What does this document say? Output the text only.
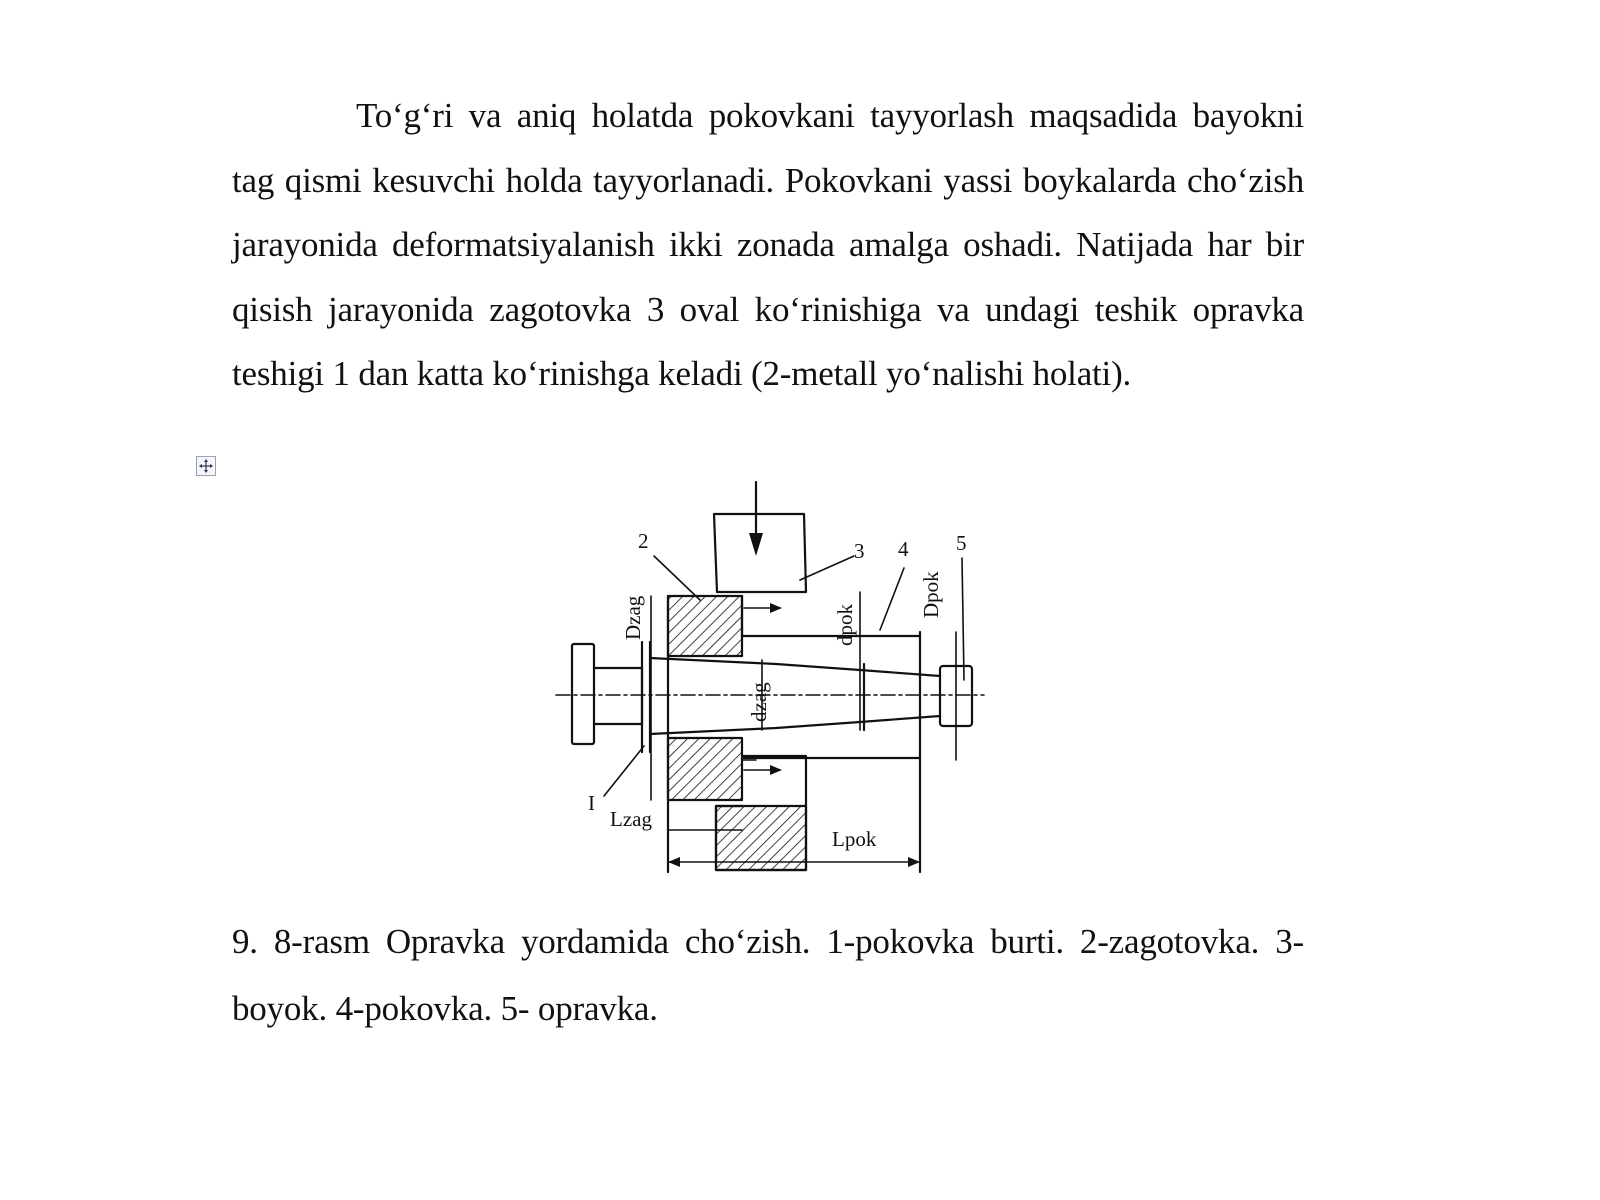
To‘g‘ri va aniq holatda pokovkani tayyorlash maqsadida bayokni tag qismi kesuvchi holda tayyorlanadi. Pokovkani yassi boykalarda cho‘zish jarayonida deformatsiyalanish ikki zonada amalga oshadi. Natijada har bir qisish jarayonida zagotovka 3 oval ko‘rinishiga va undagi teshik opravka teshigi 1 dan katta ko‘rinishga keladi (2-metall yo‘nalishi holati).

I
2	3 4 5
Dzag
dzag
dpok
Dpok
Lzag
Lpok

9. 8-rasm Opravka yordamida cho‘zish. 1-pokovka burti. 2-zagotovka. 3-boyok. 4-pokovka. 5- opravka.
